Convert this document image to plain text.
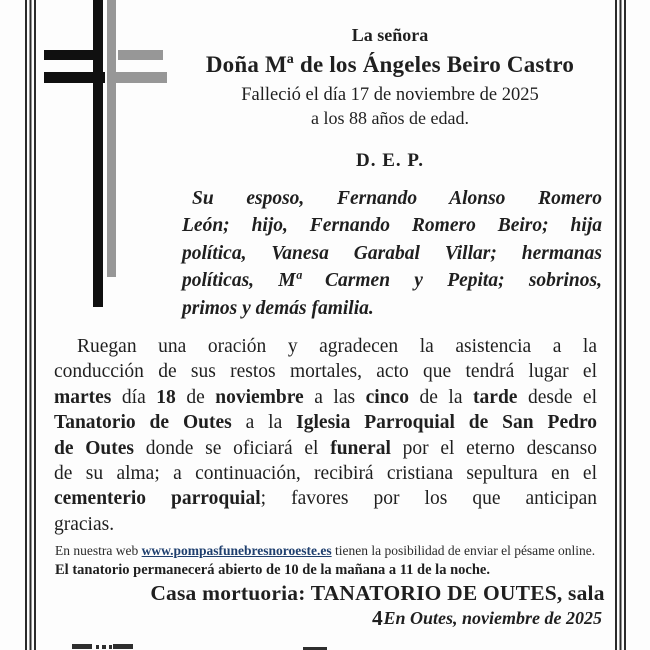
La señora
Doña Mª de los Ángeles Beiro Castro
Falleció el día 17 de noviembre de 2025
a los 88 años de edad.
D. E. P.
Su esposo, Fernando Alonso Romero
León; hijo, Fernando Romero Beiro; hija
política, Vanesa Garabal Villar; hermanas
políticas, Mª Carmen y Pepita; sobrinos,
primos y demás familia.
Ruegan una oración y agradecen la asistencia a la
conducción de sus restos mortales, acto que tendrá lugar el
martes día 18 de noviembre a las cinco de la tarde desde el
Tanatorio de Outes a la Iglesia Parroquial de San Pedro
de Outes donde se oficiará el funeral por el eterno descanso
de su alma; a continuación, recibirá cristiana sepultura en el
cementerio parroquial; favores por los que anticipan
gracias.
En nuestra web www.pompasfunebresnoroeste.es tienen la posibilidad de enviar el pésame online.
El tanatorio permanecerá abierto de 10 de la mañana a 11 de la noche.
Casa mortuoria: TANATORIO DE OUTES, sala 4 En Outes, noviembre de 2025
